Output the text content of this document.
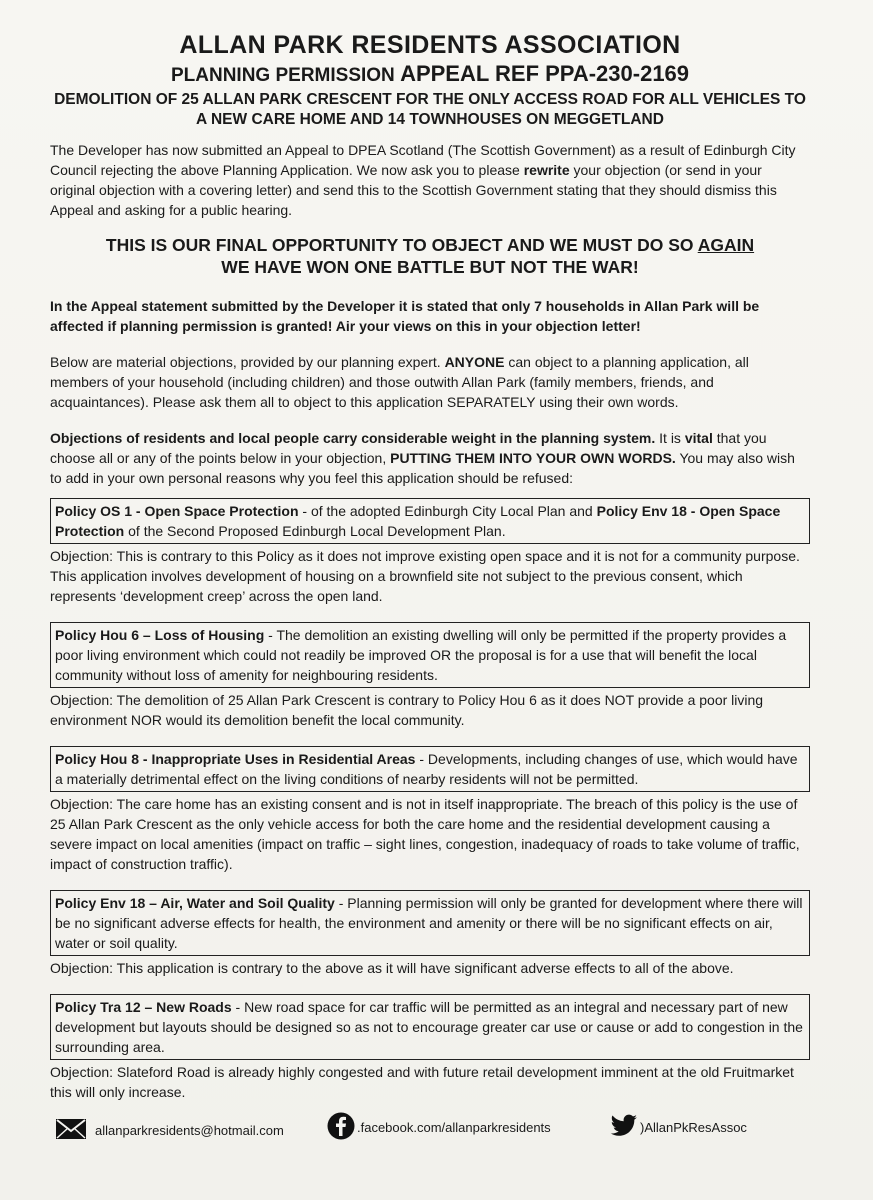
ALLAN PARK RESIDENTS ASSOCIATION
PLANNING PERMISSION APPEAL REF PPA-230-2169
DEMOLITION OF 25 ALLAN PARK CRESCENT FOR THE ONLY ACCESS ROAD FOR ALL VEHICLES TO A NEW CARE HOME AND 14 TOWNHOUSES ON MEGGETLAND

The Developer has now submitted an Appeal to DPEA Scotland (The Scottish Government) as a result of Edinburgh City Council rejecting the above Planning Application. We now ask you to please rewrite your objection (or send in your original objection with a covering letter) and send this to the Scottish Government stating that they should dismiss this Appeal and asking for a public hearing.

THIS IS OUR FINAL OPPORTUNITY TO OBJECT AND WE MUST DO SO AGAIN
WE HAVE WON ONE BATTLE BUT NOT THE WAR!

In the Appeal statement submitted by the Developer it is stated that only 7 households in Allan Park will be affected if planning permission is granted! Air your views on this in your objection letter!

Below are material objections, provided by our planning expert. ANYONE can object to a planning application, all members of your household (including children) and those outwith Allan Park (family members, friends, and acquaintances). Please ask them all to object to this application SEPARATELY using their own words.

Objections of residents and local people carry considerable weight in the planning system. It is vital that you choose all or any of the points below in your objection, PUTTING THEM INTO YOUR OWN WORDS. You may also wish to add in your own personal reasons why you feel this application should be refused:

Policy OS 1 - Open Space Protection - of the adopted Edinburgh City Local Plan and Policy Env 18 - Open Space Protection of the Second Proposed Edinburgh Local Development Plan.

Objection: This is contrary to this Policy as it does not improve existing open space and it is not for a community purpose. This application involves development of housing on a brownfield site not subject to the previous consent, which represents ‘development creep’ across the open land.

Policy Hou 6 – Loss of Housing - The demolition an existing dwelling will only be permitted if the property provides a poor living environment which could not readily be improved OR the proposal is for a use that will benefit the local community without loss of amenity for neighbouring residents.

Objection: The demolition of 25 Allan Park Crescent is contrary to Policy Hou 6 as it does NOT provide a poor living environment NOR would its demolition benefit the local community.

Policy Hou 8 - Inappropriate Uses in Residential Areas - Developments, including changes of use, which would have a materially detrimental effect on the living conditions of nearby residents will not be permitted.

Objection: The care home has an existing consent and is not in itself inappropriate. The breach of this policy is the use of 25 Allan Park Crescent as the only vehicle access for both the care home and the residential development causing a severe impact on local amenities (impact on traffic – sight lines, congestion, inadequacy of roads to take volume of traffic, impact of construction traffic).

Policy Env 18 – Air, Water and Soil Quality - Planning permission will only be granted for development where there will be no significant adverse effects for health, the environment and amenity or there will be no significant effects on air, water or soil quality.

Objection: This application is contrary to the above as it will have significant adverse effects to all of the above.

Policy Tra 12 – New Roads - New road space for car traffic will be permitted as an integral and necessary part of new development but layouts should be designed so as not to encourage greater car use or cause or add to congestion in the surrounding area.

Objection: Slateford Road is already highly congested and with future retail development imminent at the old Fruitmarket this will only increase.

allanparkresidents@hotmail.com	.facebook.com/allanparkresidents	)AllanPkResAssoc
